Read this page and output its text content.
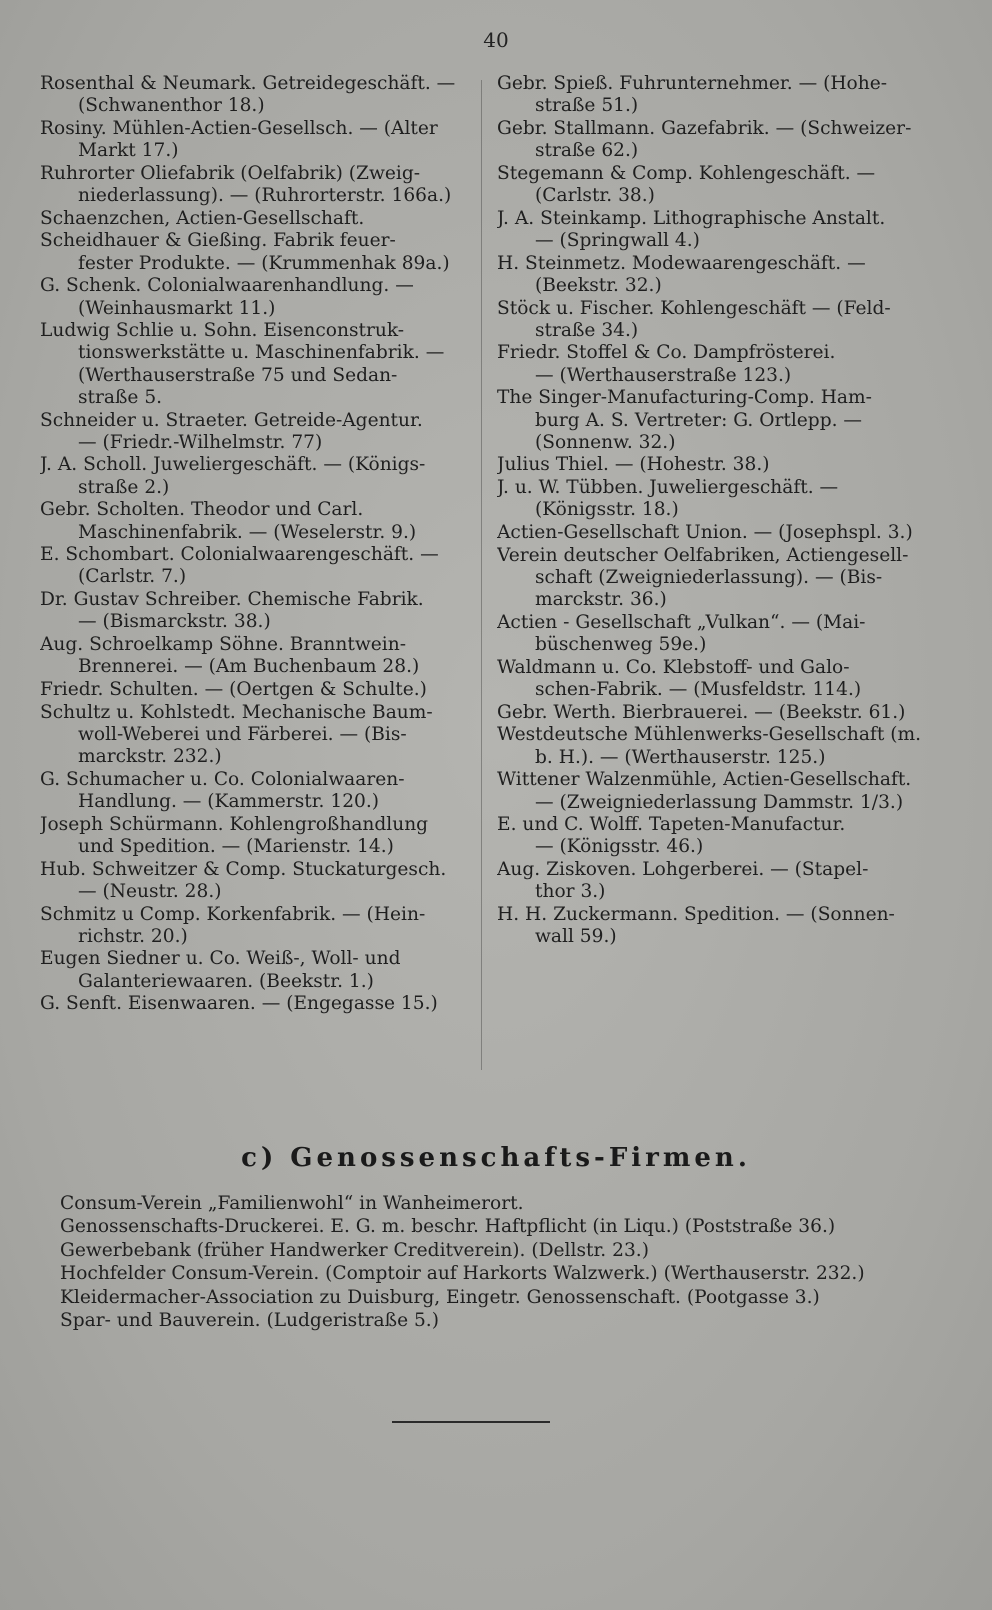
40
Rosenthal & Neumark. Getreidegeschäft. —
(Schwanenthor 18.)
Rosiny. Mühlen-Actien-Gesellsch. — (Alter
Markt 17.)
Ruhrorter Oliefabrik (Oelfabrik) (Zweig-
niederlassung). — (Ruhrorterstr. 166a.)
Schaenzchen, Actien-Gesellschaft.
Scheidhauer & Gießing. Fabrik feuer-
fester Produkte. — (Krummenhak 89a.)
G. Schenk. Colonialwaarenhandlung. —
(Weinhausmarkt 11.)
Ludwig Schlie u. Sohn. Eisenconstruk-
tionswerkstätte u. Maschinenfabrik. —
(Werthauserstraße 75 und Sedan-
straße 5.
Schneider u. Straeter. Getreide-Agentur.
— (Friedr.-Wilhelmstr. 77)
J. A. Scholl. Juweliergeschäft. — (Königs-
straße 2.)
Gebr. Scholten. Theodor und Carl.
Maschinenfabrik. — (Weselerstr. 9.)
E. Schombart. Colonialwaarengeschäft. —
(Carlstr. 7.)
Dr. Gustav Schreiber. Chemische Fabrik.
— (Bismarckstr. 38.)
Aug. Schroelkamp Söhne. Branntwein-
Brennerei. — (Am Buchenbaum 28.)
Friedr. Schulten. — (Oertgen & Schulte.)
Schultz u. Kohlstedt. Mechanische Baum-
woll-Weberei und Färberei. — (Bis-
marckstr. 232.)
G. Schumacher u. Co. Colonialwaaren-
Handlung. — (Kammerstr. 120.)
Joseph Schürmann. Kohlengroßhandlung
und Spedition. — (Marienstr. 14.)
Hub. Schweitzer & Comp. Stuckaturgesch.
— (Neustr. 28.)
Schmitz u Comp. Korkenfabrik. — (Hein-
richstr. 20.)
Eugen Siedner u. Co. Weiß-, Woll- und
Galanteriewaaren. (Beekstr. 1.)
G. Senft. Eisenwaaren. — (Engegasse 15.)
Gebr. Spieß. Fuhrunternehmer. — (Hohe-
straße 51.)
Gebr. Stallmann. Gazefabrik. — (Schweizer-
straße 62.)
Stegemann & Comp. Kohlengeschäft. —
(Carlstr. 38.)
J. A. Steinkamp. Lithographische Anstalt.
— (Springwall 4.)
H. Steinmetz. Modewaarengeschäft. —
(Beekstr. 32.)
Stöck u. Fischer. Kohlengeschäft — (Feld-
straße 34.)
Friedr. Stoffel & Co. Dampfrösterei.
— (Werthauserstraße 123.)
The Singer-Manufacturing-Comp. Ham-
burg A. S. Vertreter: G. Ortlepp. —
(Sonnenw. 32.)
Julius Thiel. — (Hohestr. 38.)
J. u. W. Tübben. Juweliergeschäft. —
(Königsstr. 18.)
Actien-Gesellschaft Union. — (Josephspl. 3.)
Verein deutscher Oelfabriken, Actiengesell-
schaft (Zweigniederlassung). — (Bis-
marckstr. 36.)
Actien - Gesellschaft „Vulkan“. — (Mai-
büschenweg 59e.)
Waldmann u. Co. Klebstoff- und Galo-
schen-Fabrik. — (Musfeldstr. 114.)
Gebr. Werth. Bierbrauerei. — (Beekstr. 61.)
Westdeutsche Mühlenwerks-Gesellschaft (m.
b. H.). — (Werthauserstr. 125.)
Wittener Walzenmühle, Actien-Gesellschaft.
— (Zweigniederlassung Dammstr. 1/3.)
E. und C. Wolff. Tapeten-Manufactur.
— (Königsstr. 46.)
Aug. Ziskoven. Lohgerberei. — (Stapel-
thor 3.)
H. H. Zuckermann. Spedition. — (Sonnen-
wall 59.)
c) Genossenschafts-Firmen.
Consum-Verein „Familienwohl“ in Wanheimerort.
Genossenschafts-Druckerei. E. G. m. beschr. Haftpflicht (in Liqu.) (Poststraße 36.)
Gewerbebank (früher Handwerker Creditverein). (Dellstr. 23.)
Hochfelder Consum-Verein. (Comptoir auf Harkorts Walzwerk.) (Werthauserstr. 232.)
Kleidermacher-Association zu Duisburg, Eingetr. Genossenschaft. (Pootgasse 3.)
Spar- und Bauverein. (Ludgeristraße 5.)
